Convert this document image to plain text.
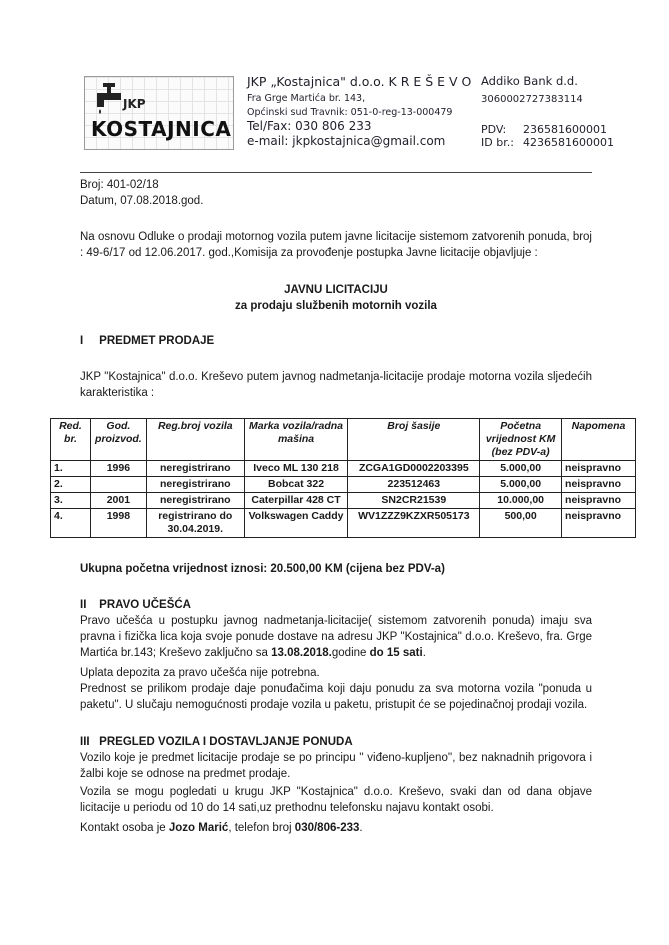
JKP
KOSTAJNICA
JKP „Kostajnica" d.o.o. K R E Š E V O
Fra Grge Martića br. 143,
Općinski sud Travnik: 051-0-reg-13-000479
Tel/Fax: 030 806 233
e-mail: jkpkostajnica@gmail.com
Addiko Bank d.d.
3060002727383114
PDV:	236581600001
ID br.: 4236581600001
Broj: 401-02/18
Datum, 07.08.2018.god.
Na osnovu Odluke o prodaji motornog vozila putem javne licitacije sistemom zatvorenih ponuda, broj : 49-6/17 od 12.06.2017. god.,Komisija za provođenje postupka Javne licitacije objavljuje :
JAVNU LICITACIJU
za prodaju službenih motornih vozila
I     PREDMET PRODAJE
JKP "Kostajnica" d.o.o. Kreševo putem javnog nadmetanja-licitacije prodaje motorna vozila sljedećih karakteristika :
Red. br.	God. proizvod.	Reg.broj vozila	Marka vozila/radna mašina	Broj šasije	Početna vrijednost KM (bez PDV-a)	Napomena
1.	1996	neregistrirano	Iveco ML 130 218	ZCGA1GD0002203395	5.000,00	neispravno
2.		neregistrirano	Bobcat 322	223512463	5.000,00	neispravno
3.	2001	neregistrirano	Caterpillar 428 CT	SN2CR21539	10.000,00	neispravno
4.	1998	registrirano do 30.04.2019.	Volkswagen Caddy	WV1ZZZ9KZXR505173	500,00	neispravno
Ukupna početna vrijednost iznosi: 20.500,00 KM (cijena bez PDV-a)
II    PRAVO UČEŠĆA
Pravo učešća u postupku javnog nadmetanja-licitacije( sistemom zatvorenih ponuda) imaju sva pravna i fizička lica koja svoje ponude dostave na adresu JKP "Kostajnica" d.o.o. Kreševo, fra. Grge Martića br.143; Kreševo zaključno sa 13.08.2018.godine do 15 sati.
Uplata depozita za pravo učešća nije potrebna.
Prednost se prilikom prodaje daje ponuđačima koji daju ponudu za sva motorna vozila "ponuda u paketu". U slučaju nemogućnosti prodaje vozila u paketu, pristupit će se pojedinačnoj prodaji vozila.
III   PREGLED VOZILA I DOSTAVLJANJE PONUDA
Vozilo koje je predmet licitacije prodaje se po principu '' viđeno-kupljeno'', bez naknadnih prigovora i žalbi koje se odnose na predmet prodaje.
Vozila se mogu pogledati u krugu JKP "Kostajnica" d.o.o. Kreševo, svaki dan od dana objave licitacije u periodu od 10 do 14 sati,uz prethodnu telefonsku najavu kontakt osobi.
Kontakt osoba je Jozo Marić, telefon broj 030/806-233.
